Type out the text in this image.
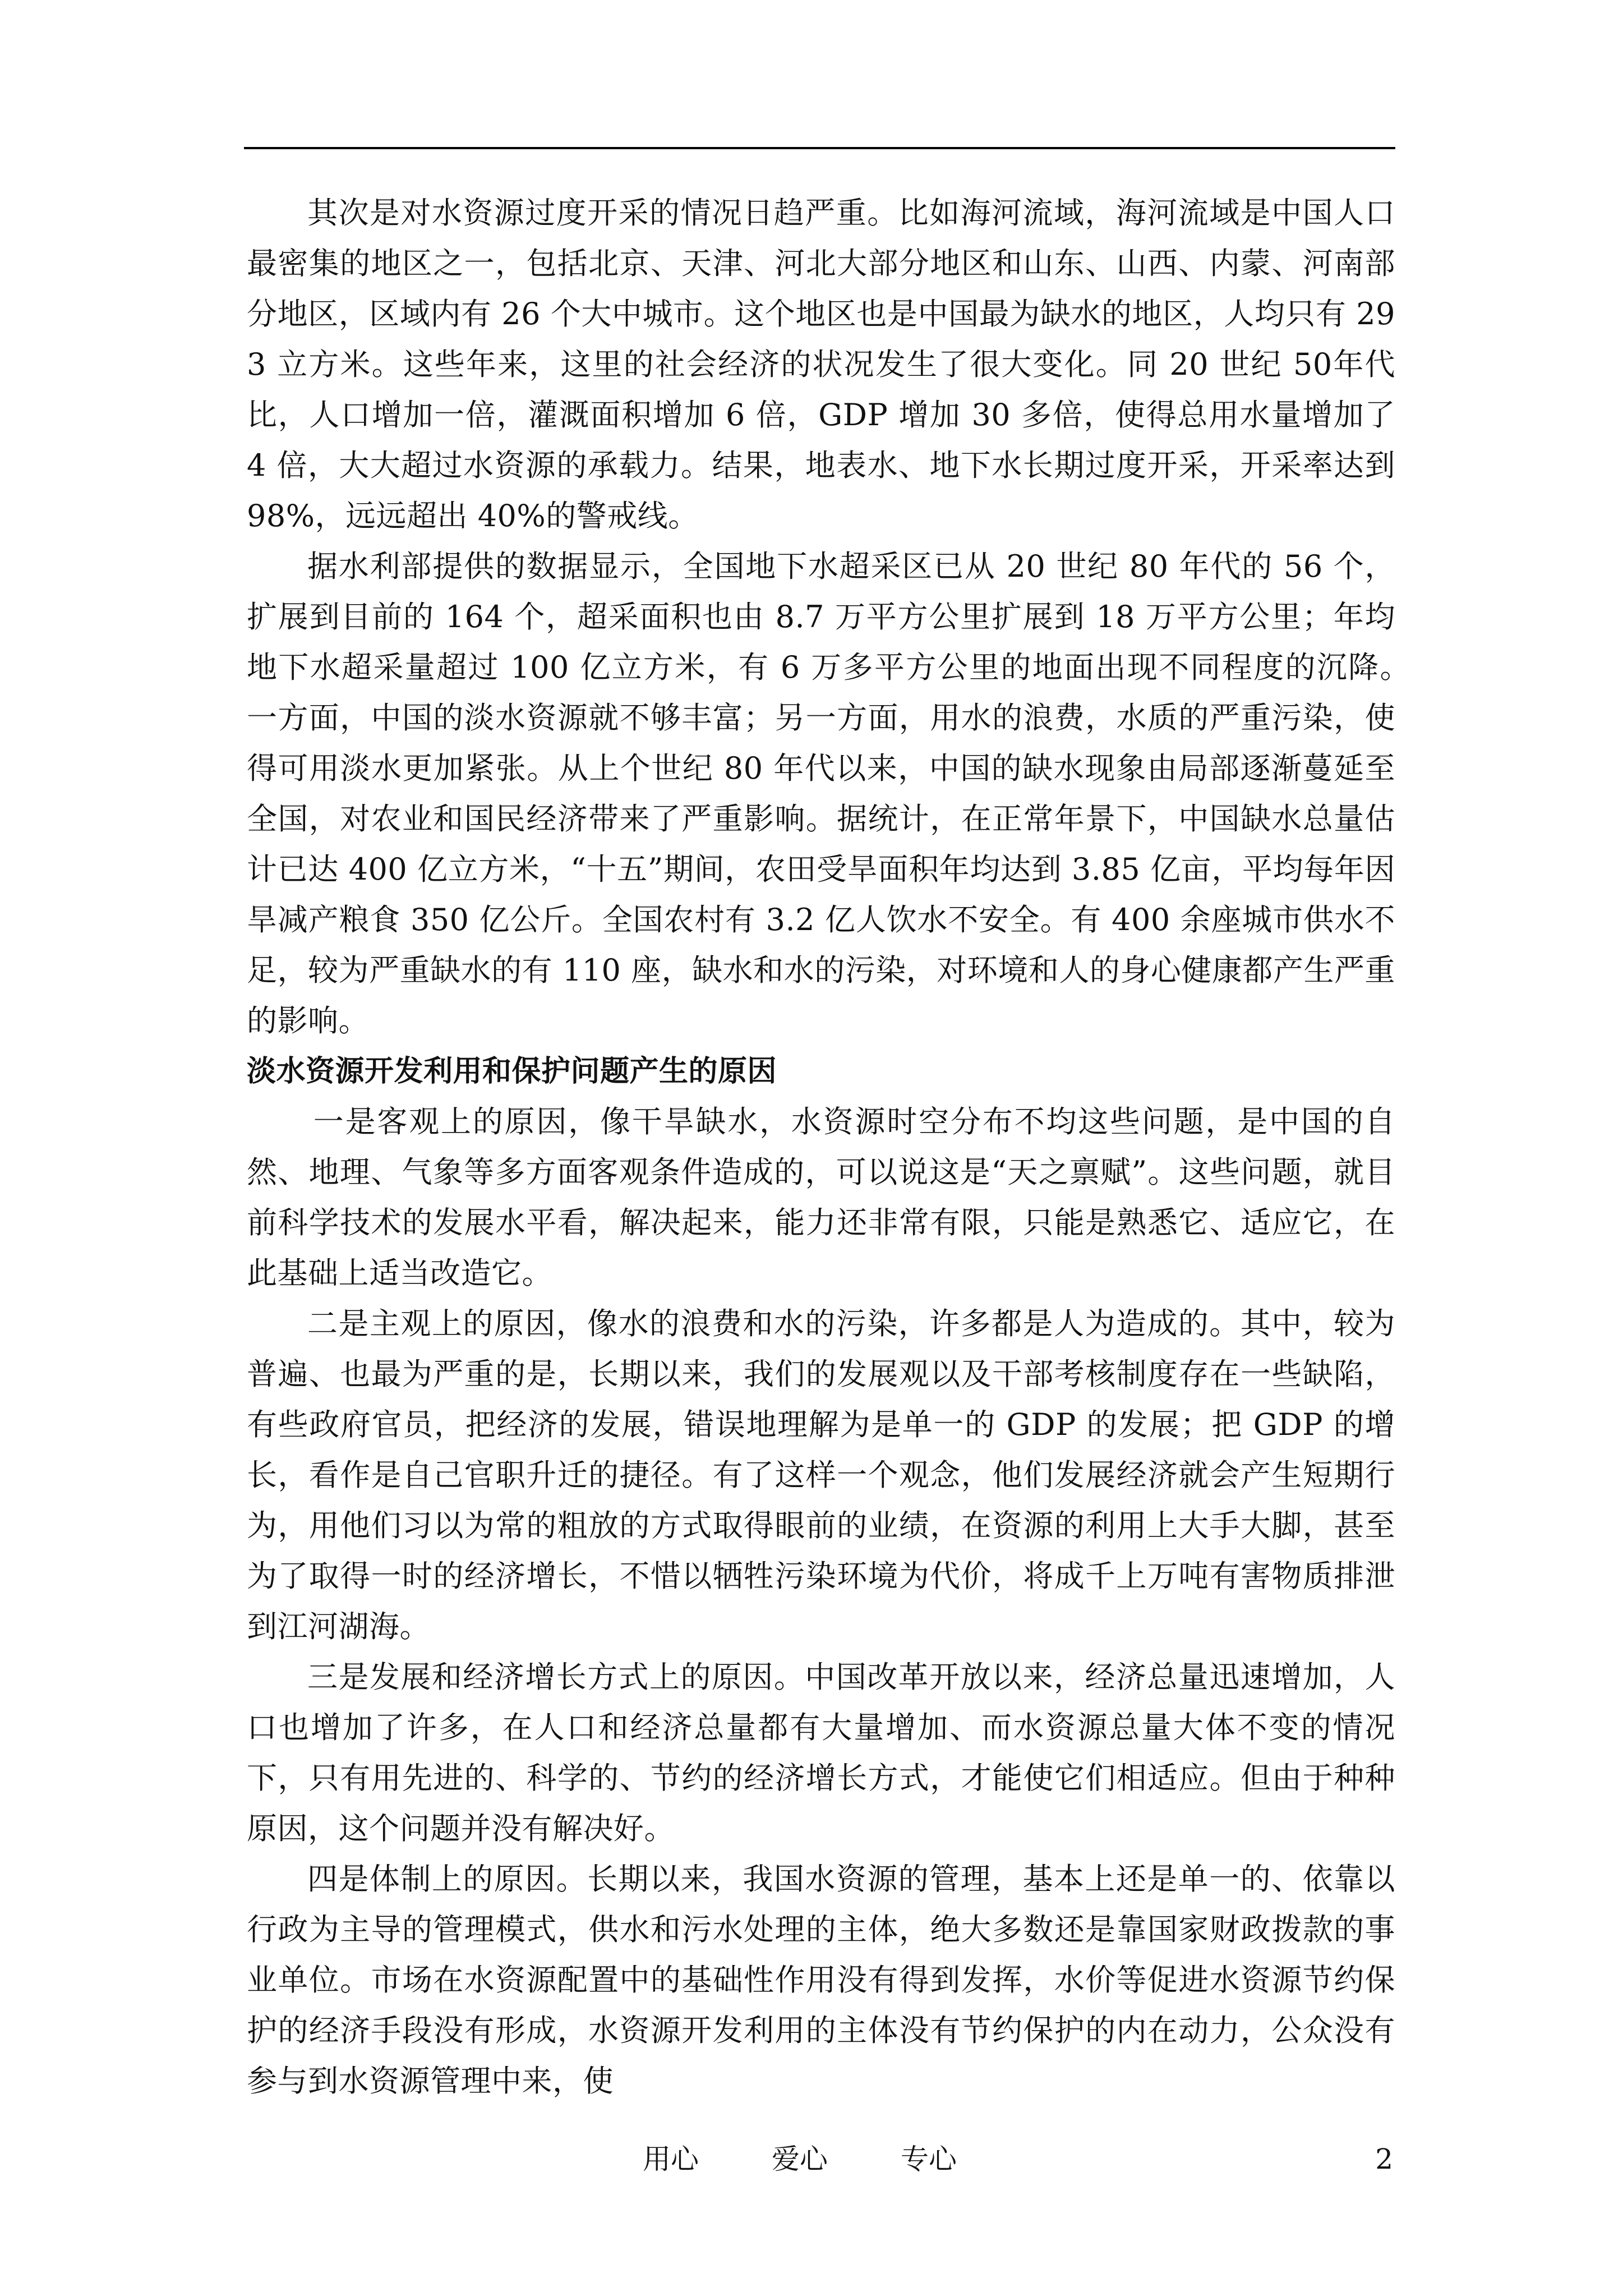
其次是对水资源过度开采的情况日趋严重。比如海河流域，海河流域是中国人口最密集的地区之一，包括北京、天津、河北大部分地区和山东、山西、内蒙、河南部分地区，区域内有 26 个大中城市。这个地区也是中国最为缺水的地区，人均只有 293 立方米。这些年来，这里的社会经济的状况发生了很大变化。同 20 世纪 50年代比，人口增加一倍，灌溉面积增加 6 倍，GDP 增加 30 多倍，使得总用水量增加了 4 倍，大大超过水资源的承载力。结果，地表水、地下水长期过度开采，开采率达到 98%，远远超出 40%的警戒线。

据水利部提供的数据显示，全国地下水超采区已从 20 世纪 80 年代的 56 个，扩展到目前的 164 个，超采面积也由 8.7 万平方公里扩展到 18 万平方公里；年均地下水超采量超过 100 亿立方米，有 6 万多平方公里的地面出现不同程度的沉降。　　一方面，中国的淡水资源就不够丰富；另一方面，用水的浪费，水质的严重污染，使得可用淡水更加紧张。从上个世纪 80 年代以来，中国的缺水现象由局部逐渐蔓延至全国，对农业和国民经济带来了严重影响。据统计，在正常年景下，中国缺水总量估计已达 400 亿立方米，“十五”期间，农田受旱面积年均达到 3.85 亿亩，平均每年因旱减产粮食 350 亿公斤。全国农村有 3.2 亿人饮水不安全。有 400 余座城市供水不足，较为严重缺水的有 110 座，缺水和水的污染，对环境和人的身心健康都产生严重的影响。

淡水资源开发利用和保护问题产生的原因

一是客观上的原因，像干旱缺水，水资源时空分布不均这些问题，是中国的自然、地理、气象等多方面客观条件造成的，可以说这是“天之禀赋”。这些问题，就目前科学技术的发展水平看，解决起来，能力还非常有限，只能是熟悉它、适应它，在此基础上适当改造它。

二是主观上的原因，像水的浪费和水的污染，许多都是人为造成的。其中，较为普遍、也最为严重的是，长期以来，我们的发展观以及干部考核制度存在一些缺陷，有些政府官员，把经济的发展，错误地理解为是单一的 GDP 的发展；把 GDP 的增长，看作是自己官职升迁的捷径。有了这样一个观念，他们发展经济就会产生短期行为，用他们习以为常的粗放的方式取得眼前的业绩，在资源的利用上大手大脚，甚至为了取得一时的经济增长，不惜以牺牲污染环境为代价，将成千上万吨有害物质排泄到江河湖海。

三是发展和经济增长方式上的原因。中国改革开放以来，经济总量迅速增加，人口也增加了许多，在人口和经济总量都有大量增加、而水资源总量大体不变的情况下，只有用先进的、科学的、节约的经济增长方式，才能使它们相适应。但由于种种原因，这个问题并没有解决好。

四是体制上的原因。长期以来，我国水资源的管理，基本上还是单一的、依靠以行政为主导的管理模式，供水和污水处理的主体，绝大多数还是靠国家财政拨款的事业单位。市场在水资源配置中的基础性作用没有得到发挥，水价等促进水资源节约保护的经济手段没有形成，水资源开发利用的主体没有节约保护的内在动力，公众没有参与到水资源管理中来，使

用心	爱心	专心	2
